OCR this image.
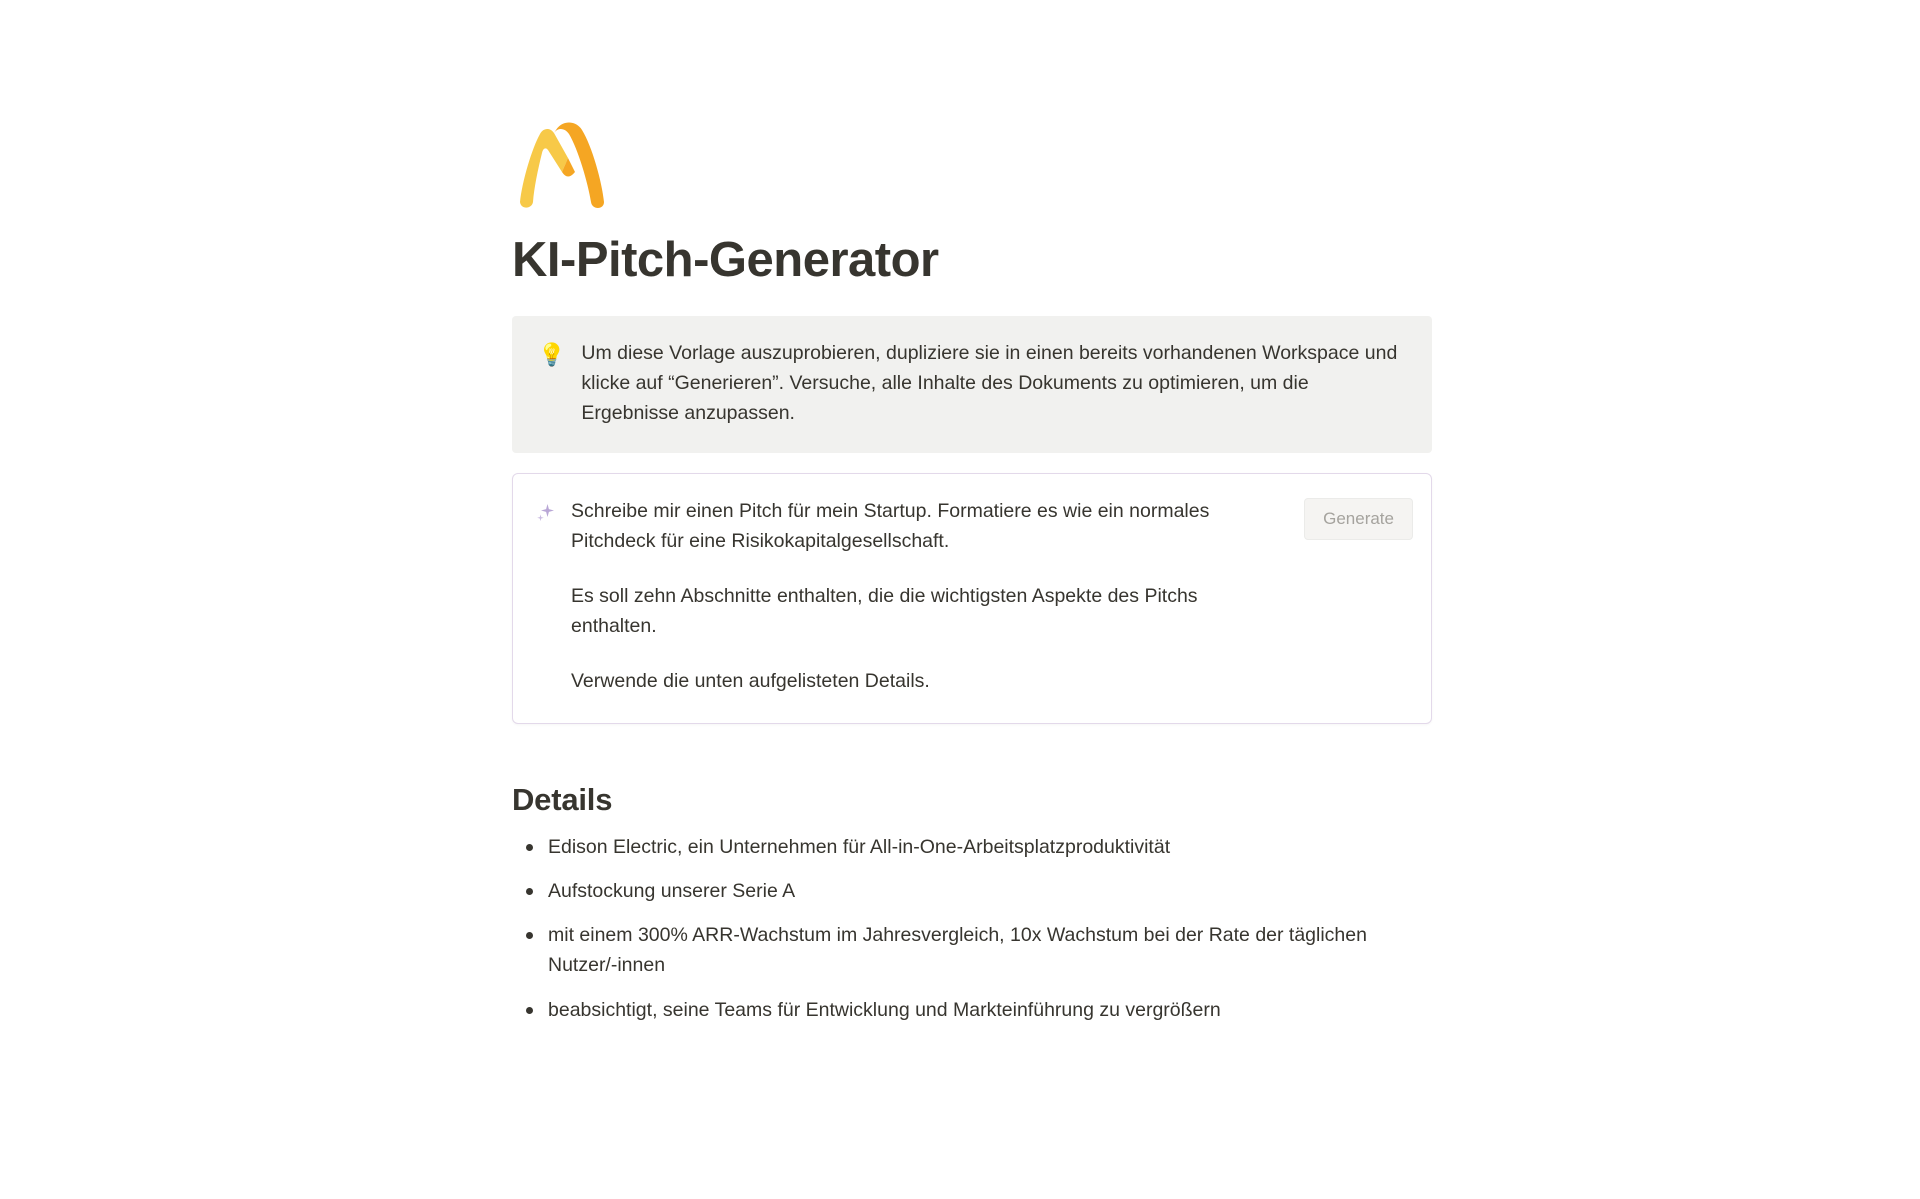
KI-Pitch-Generator
💡 Um diese Vorlage auszuprobieren, dupliziere sie in einen bereits vorhandenen Workspace und klicke auf “Generieren”. Versuche, alle Inhalte des Dokuments zu optimieren, um die Ergebnisse anzupassen.

Schreibe mir einen Pitch für mein Startup. Formatiere es wie ein normales Pitchdeck für eine Risikokapitalgesellschaft.

Es soll zehn Abschnitte enthalten, die die wichtigsten Aspekte des Pitchs enthalten.

Verwende die unten aufgelisteten Details.

Generate
Details
Edison Electric, ein Unternehmen für All-in-One-Arbeitsplatzproduktivität
Aufstockung unserer Serie A
mit einem 300% ARR-Wachstum im Jahresvergleich, 10x Wachstum bei der Rate der täglichen Nutzer/-innen
beabsichtigt, seine Teams für Entwicklung und Markteinführung zu vergrößern
